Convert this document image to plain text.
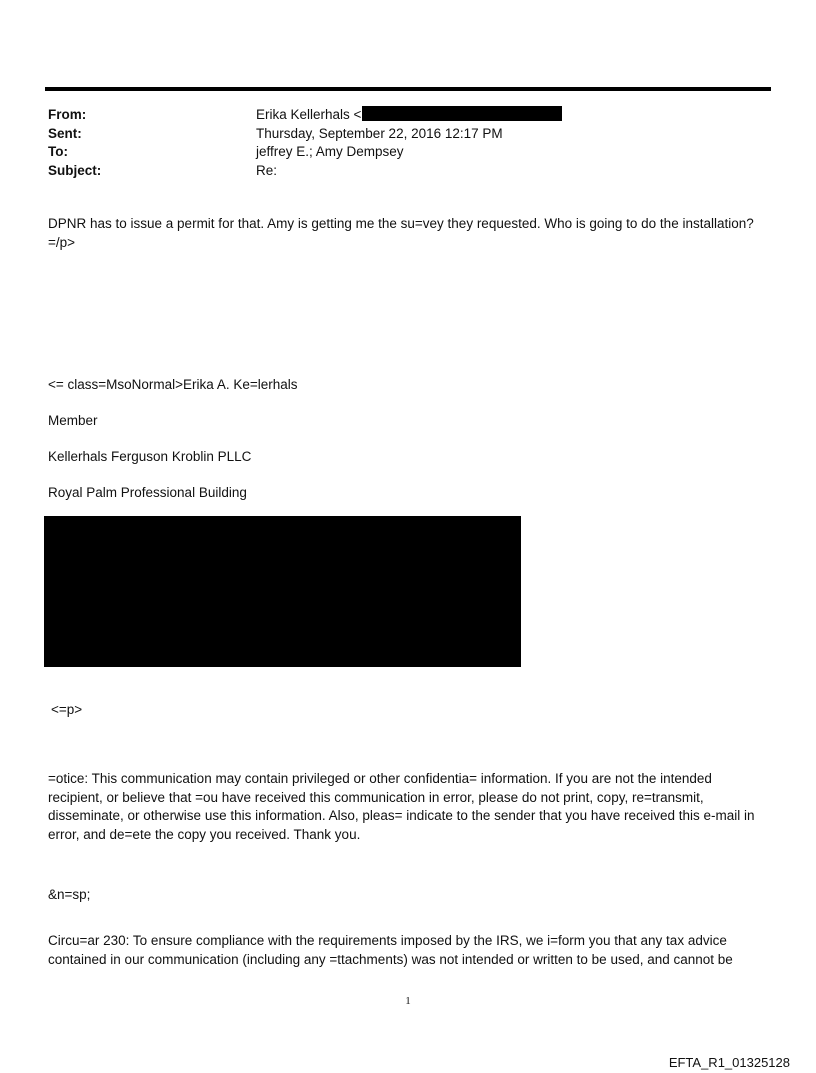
From:	Erika Kellerhals <
Sent:	Thursday, September 22, 2016 12:17 PM
To:	jeffrey E.; Amy Dempsey
Subject:	Re:
DPNR has to issue a permit for that. Amy is getting me the su=vey they requested. Who is going to do the installation?
=/p>
<= class=MsoNormal>Erika A. Ke=lerhals
Member
Kellerhals Ferguson Kroblin PLLC
Royal Palm Professional Building
<=p>
=otice: This communication may contain privileged or other confidentia= information. If you are not the intended recipient, or believe that =ou have received this communication in error, please do not print, copy, re=transmit, disseminate, or otherwise use this information. Also, pleas= indicate to the sender that you have received this e-mail in error, and de=ete the copy you received. Thank you.
&n=sp;
Circu=ar 230: To ensure compliance with the requirements imposed by the IRS, we i=form you that any tax advice contained in our communication (including any =ttachments) was not intended or written to be used, and cannot be
1
EFTA_R1_01325128
